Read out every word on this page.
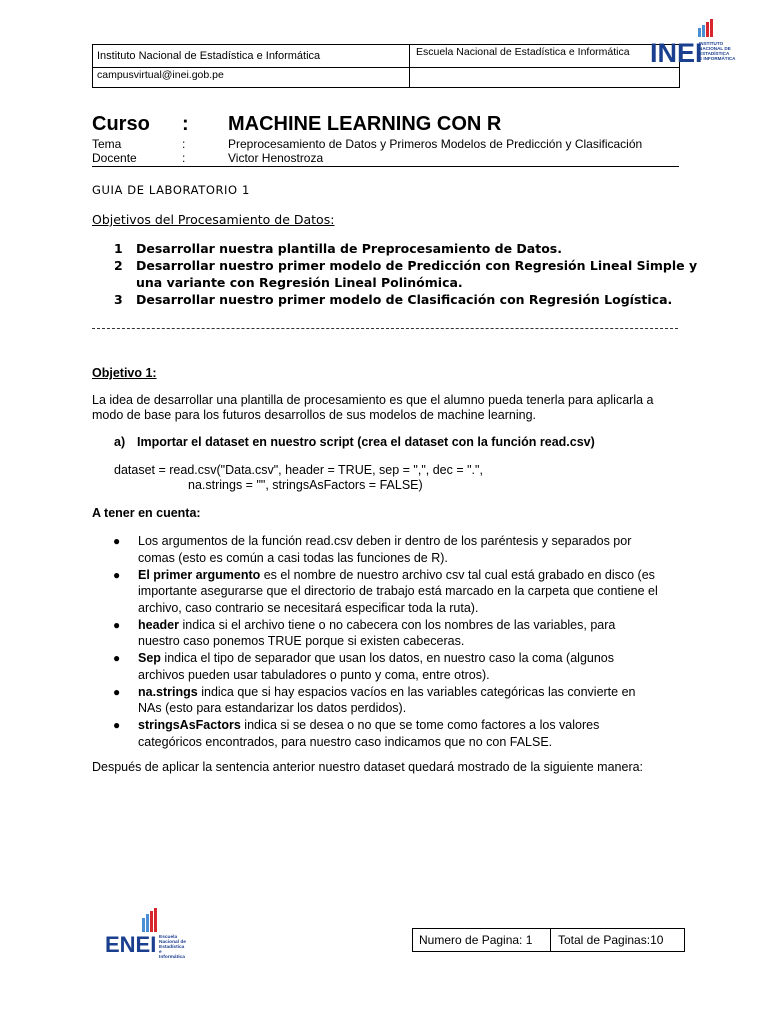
Instituto Nacional de Estadística e Informática	Escuela Nacional de Estadística e Informática
campusvirtual@inei.gob.pe
INEI
INSTITUTO
NACIONAL DE
ESTADÍSTICA
E INFORMÁTICA
Curso : MACHINE LEARNING CON R
Tema	:	Preprocesamiento de Datos y Primeros Modelos de Predicción y Clasificación
Docente	:	Victor Henostroza
GUIA DE LABORATORIO 1
Objetivos del Procesamiento de Datos:
1 Desarrollar nuestra plantilla de Preprocesamiento de Datos.
2 Desarrollar nuestro primer modelo de Predicción con Regresión Lineal Simple y
una variante con Regresión Lineal Polinómica.
3 Desarrollar nuestro primer modelo de Clasificación con Regresión Logística.
Objetivo 1:
La idea de desarrollar una plantilla de procesamiento es que el alumno pueda tenerla para aplicarla a
modo de base para los futuros desarrollos de sus modelos de machine learning.
a) Importar el dataset en nuestro script (crea el dataset con la función read.csv)
dataset = read.csv("Data.csv", header = TRUE, sep = ",", dec = ".",
na.strings = "", stringsAsFactors = FALSE)
A tener en cuenta:
● Los argumentos de la función read.csv deben ir dentro de los paréntesis y separados por
comas (esto es común a casi todas las funciones de R).
● El primer argumento es el nombre de nuestro archivo csv tal cual está grabado en disco (es
importante asegurarse que el directorio de trabajo está marcado en la carpeta que contiene el
archivo, caso contrario se necesitará especificar toda la ruta).
● header indica si el archivo tiene o no cabecera con los nombres de las variables, para
nuestro caso ponemos TRUE porque si existen cabeceras.
● Sep indica el tipo de separador que usan los datos, en nuestro caso la coma (algunos
archivos pueden usar tabuladores o punto y coma, entre otros).
● na.strings indica que si hay espacios vacíos en las variables categóricas las convierte en
NAs (esto para estandarizar los datos perdidos).
● stringsAsFactors indica si se desea o no que se tome como factores a los valores
categóricos encontrados, para nuestro caso indicamos que no con FALSE.
Después de aplicar la sentencia anterior nuestro dataset quedará mostrado de la siguiente manera:
ENEI Escuela
Nacional de
Estadística
e
Informática
Numero de Pagina: 1 Total de Paginas:10
